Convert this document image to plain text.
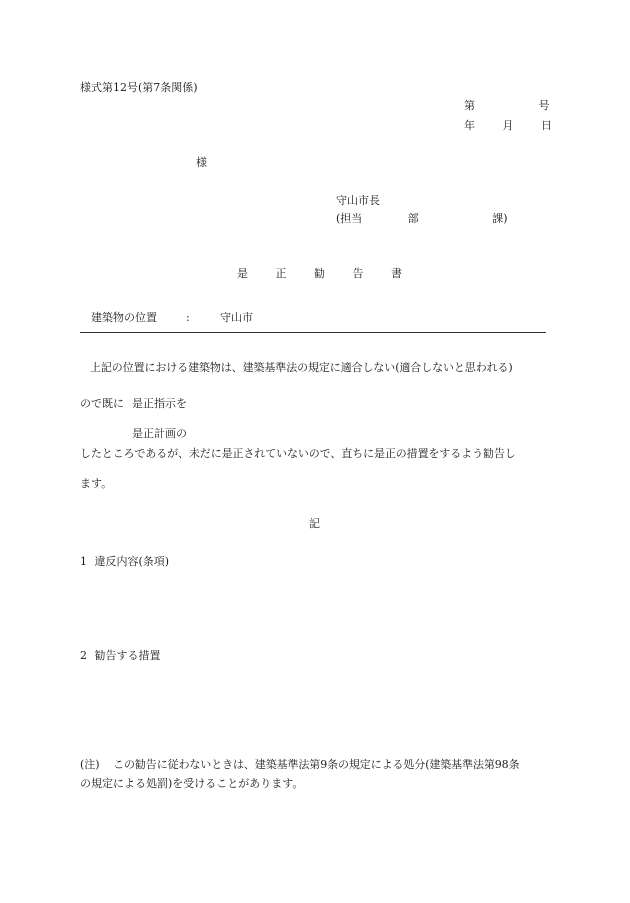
様式第12号(第7条関係)
第	号
年	月	日
様
守山市長
(担当	部	課)
是	正	勧	告	書
建築物の位置	:	守山市
上記の位置における建築物は、建築基準法の規定に適合しない(適合しないと思われる)
ので既に 是正指示を
是正計画の
したところであるが、未だに是正されていないので、直ちに是正の措置をするよう勧告し
ます。
記
1 違反内容(条項)
2 勧告する措置
(注) この勧告に従わないときは、建築基準法第9条の規定による処分(建築基準法第98条
の規定による処罰)を受けることがあります。
